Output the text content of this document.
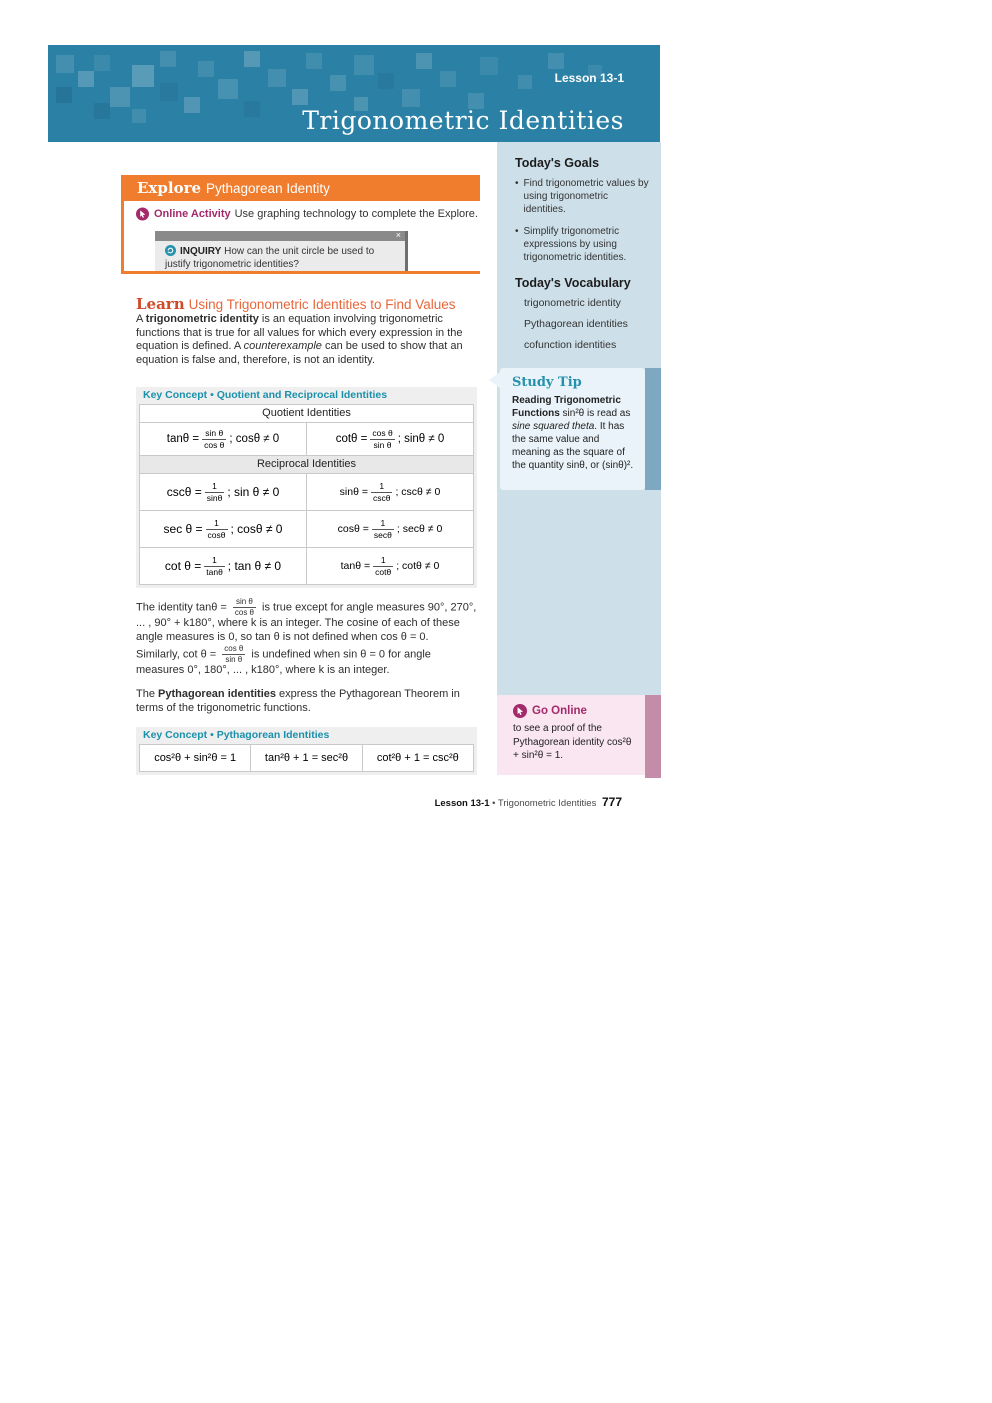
Lesson 13-1
Trigonometric Identities
Today's Goals
• Find trigonometric values by using trigonometric identities.
• Simplify trigonometric expressions by using trigonometric identities.
Today's Vocabulary

trigonometric identity

Pythagorean identities

cofunction identities

Study Tip

Reading Trigonometric Functions sin²θ is read as sine squared theta. It has the same value and meaning as the square of the quantity sinθ, or (sinθ)².

Go Online

to see a proof of the Pythagorean identity cos²θ + sin²θ = 1.

Explore Pythagorean Identity
Online Activity Use graphing technology to complete the Explore.
×
INQUIRY How can the unit circle be used to justify trigonometric identities?
Learn Using Trigonometric Identities to Find Values

A trigonometric identity is an equation involving trigonometric functions that is true for all values for which every expression in the equation is defined. A counterexample can be used to show that an equation is false and, therefore, is not an identity.

Key Concept • Quotient and Reciprocal Identities
Quotient Identities
$\tan\theta = \frac{\text{sin θ}}{\text{cos θ}}$ ; cosθ ≠ 0	$\cot\theta = \frac{\text{cos θ}}{\text{sin θ}}$ ; sinθ ≠ 0
Reciprocal Identities
$\csc\theta = \frac{1}{\sin\theta}$ ; sin θ ≠ 0	$\sin\theta = \frac{1}{\csc\theta}$ ; cscθ ≠ 0
$\sec \theta = \frac{1}{\cos\theta}$ ; cosθ ≠ 0	$\cos\theta = \frac{1}{\sec\theta}$ ; secθ ≠ 0
$\cot \theta = \frac{1}{\tan\theta}$ ; tan θ ≠ 0	$\tan\theta = \frac{1}{\cot\theta}$ ; cotθ ≠ 0

The identity $\tan\theta = \frac{\text{sin θ}}{\text{cos θ}}$ is true except for angle measures 90°, 270°, ... , 90° + k180°, where k is an integer. The cosine of each of these angle measures is 0, so tan θ is not defined when cos θ = 0.

Similarly, $\cot \theta = \frac{\text{cos θ}}{\text{sin θ}}$ is undefined when sin θ = 0 for angle measures 0°, 180°, ... , k180°, where k is an integer.

The Pythagorean identities express the Pythagorean Theorem in terms of the trigonometric functions.

Key Concept • Pythagorean Identities
cos²θ + sin²θ = 1	tan²θ + 1 = sec²θ	cot²θ + 1 = csc²θ
Lesson 13-1 • Trigonometric Identities 777
